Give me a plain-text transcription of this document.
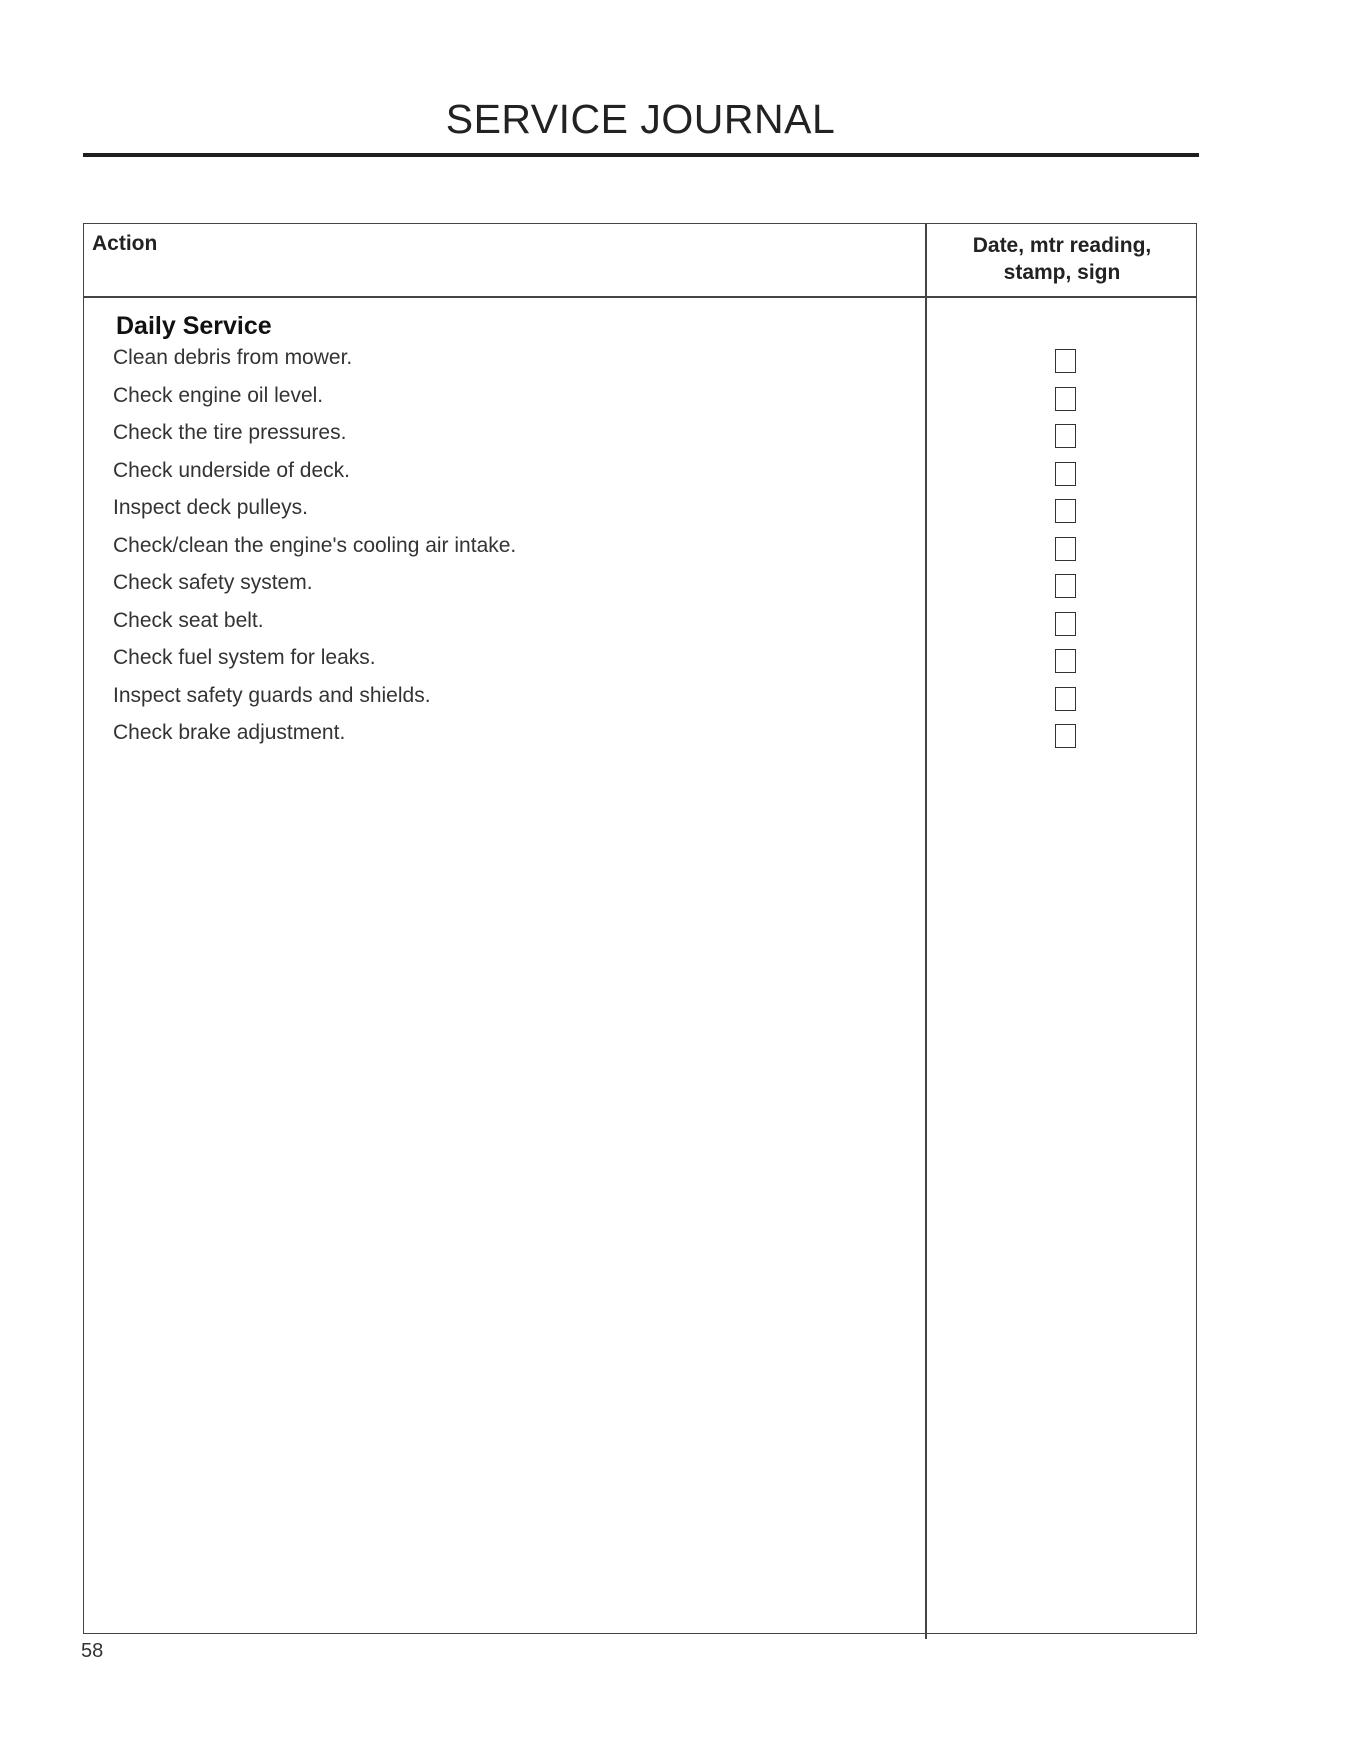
SERVICE JOURNAL
Action	Date, mtr reading,
stamp, sign
Daily Service
Clean debris from mower.
Check engine oil level.
Check the tire pressures.
Check underside of deck.
Inspect deck pulleys.
Check/clean the engine's cooling air intake.
Check safety system.
Check seat belt.
Check fuel system for leaks.
Inspect safety guards and shields.
Check brake adjustment.
58
